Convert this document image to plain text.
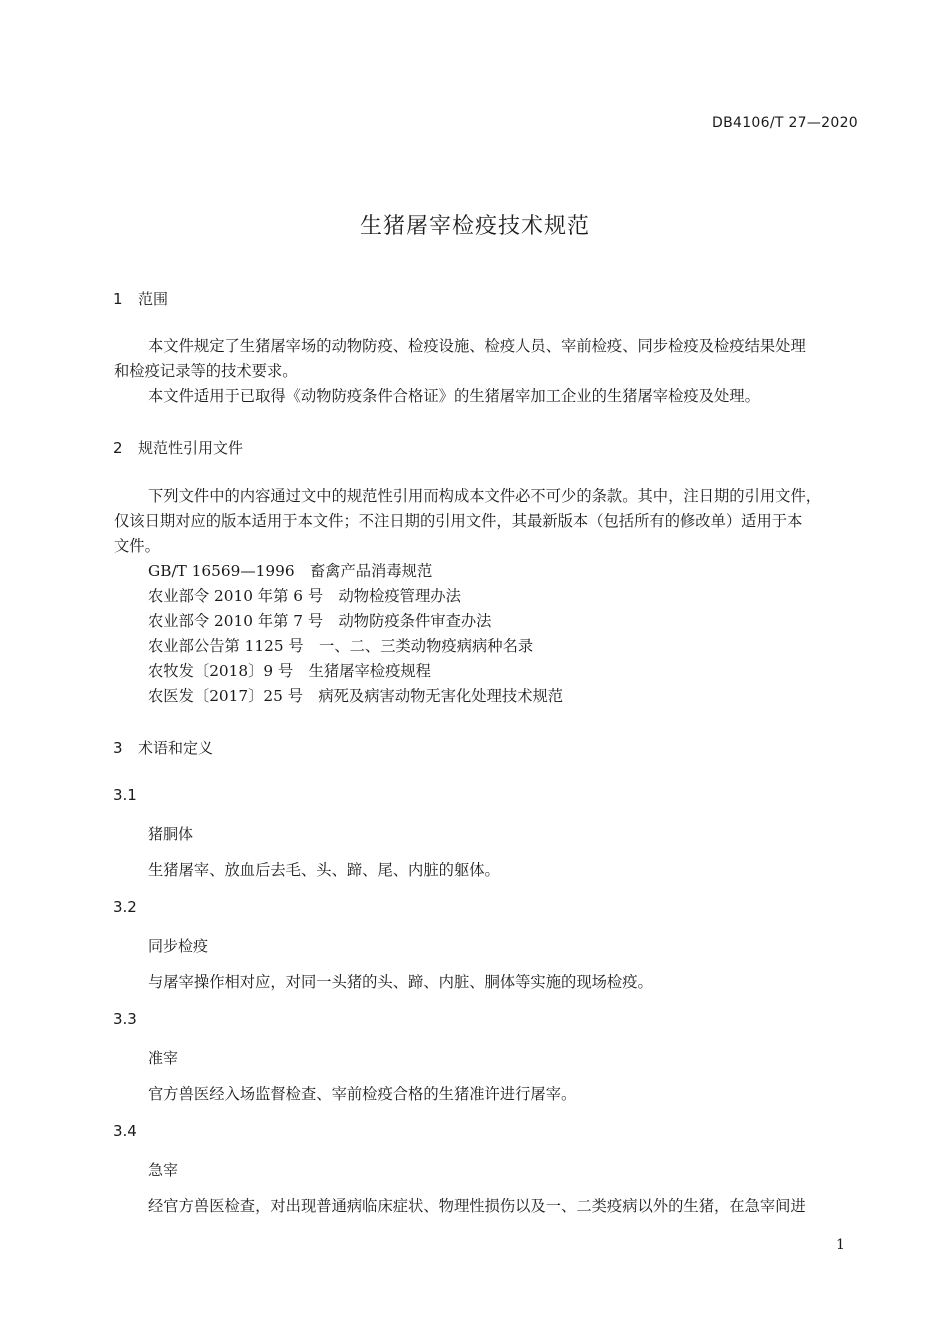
DB4106/T 27—2020
生猪屠宰检疫技术规范
1 范围
本文件规定了生猪屠宰场的动物防疫、检疫设施、检疫人员、宰前检疫、同步检疫及检疫结果处理
和检疫记录等的技术要求。
本文件适用于已取得《动物防疫条件合格证》的生猪屠宰加工企业的生猪屠宰检疫及处理。
2 规范性引用文件
下列文件中的内容通过文中的规范性引用而构成本文件必不可少的条款。其中，注日期的引用文件，
仅该日期对应的版本适用于本文件；不注日期的引用文件，其最新版本（包括所有的修改单）适用于本
文件。
GB/T 16569—1996　畜禽产品消毒规范
农业部令 2010 年第 6 号　动物检疫管理办法
农业部令 2010 年第 7 号　动物防疫条件审查办法
农业部公告第 1125 号　一、二、三类动物疫病病种名录
农牧发〔2018〕9 号　生猪屠宰检疫规程
农医发〔2017〕25 号　病死及病害动物无害化处理技术规范
3 术语和定义
3.1
猪胴体
生猪屠宰、放血后去毛、头、蹄、尾、内脏的躯体。
3.2
同步检疫
与屠宰操作相对应，对同一头猪的头、蹄、内脏、胴体等实施的现场检疫。
3.3
准宰
官方兽医经入场监督检查、宰前检疫合格的生猪准许进行屠宰。
3.4
急宰
经官方兽医检查，对出现普通病临床症状、物理性损伤以及一、二类疫病以外的生猪，在急宰间进
1
